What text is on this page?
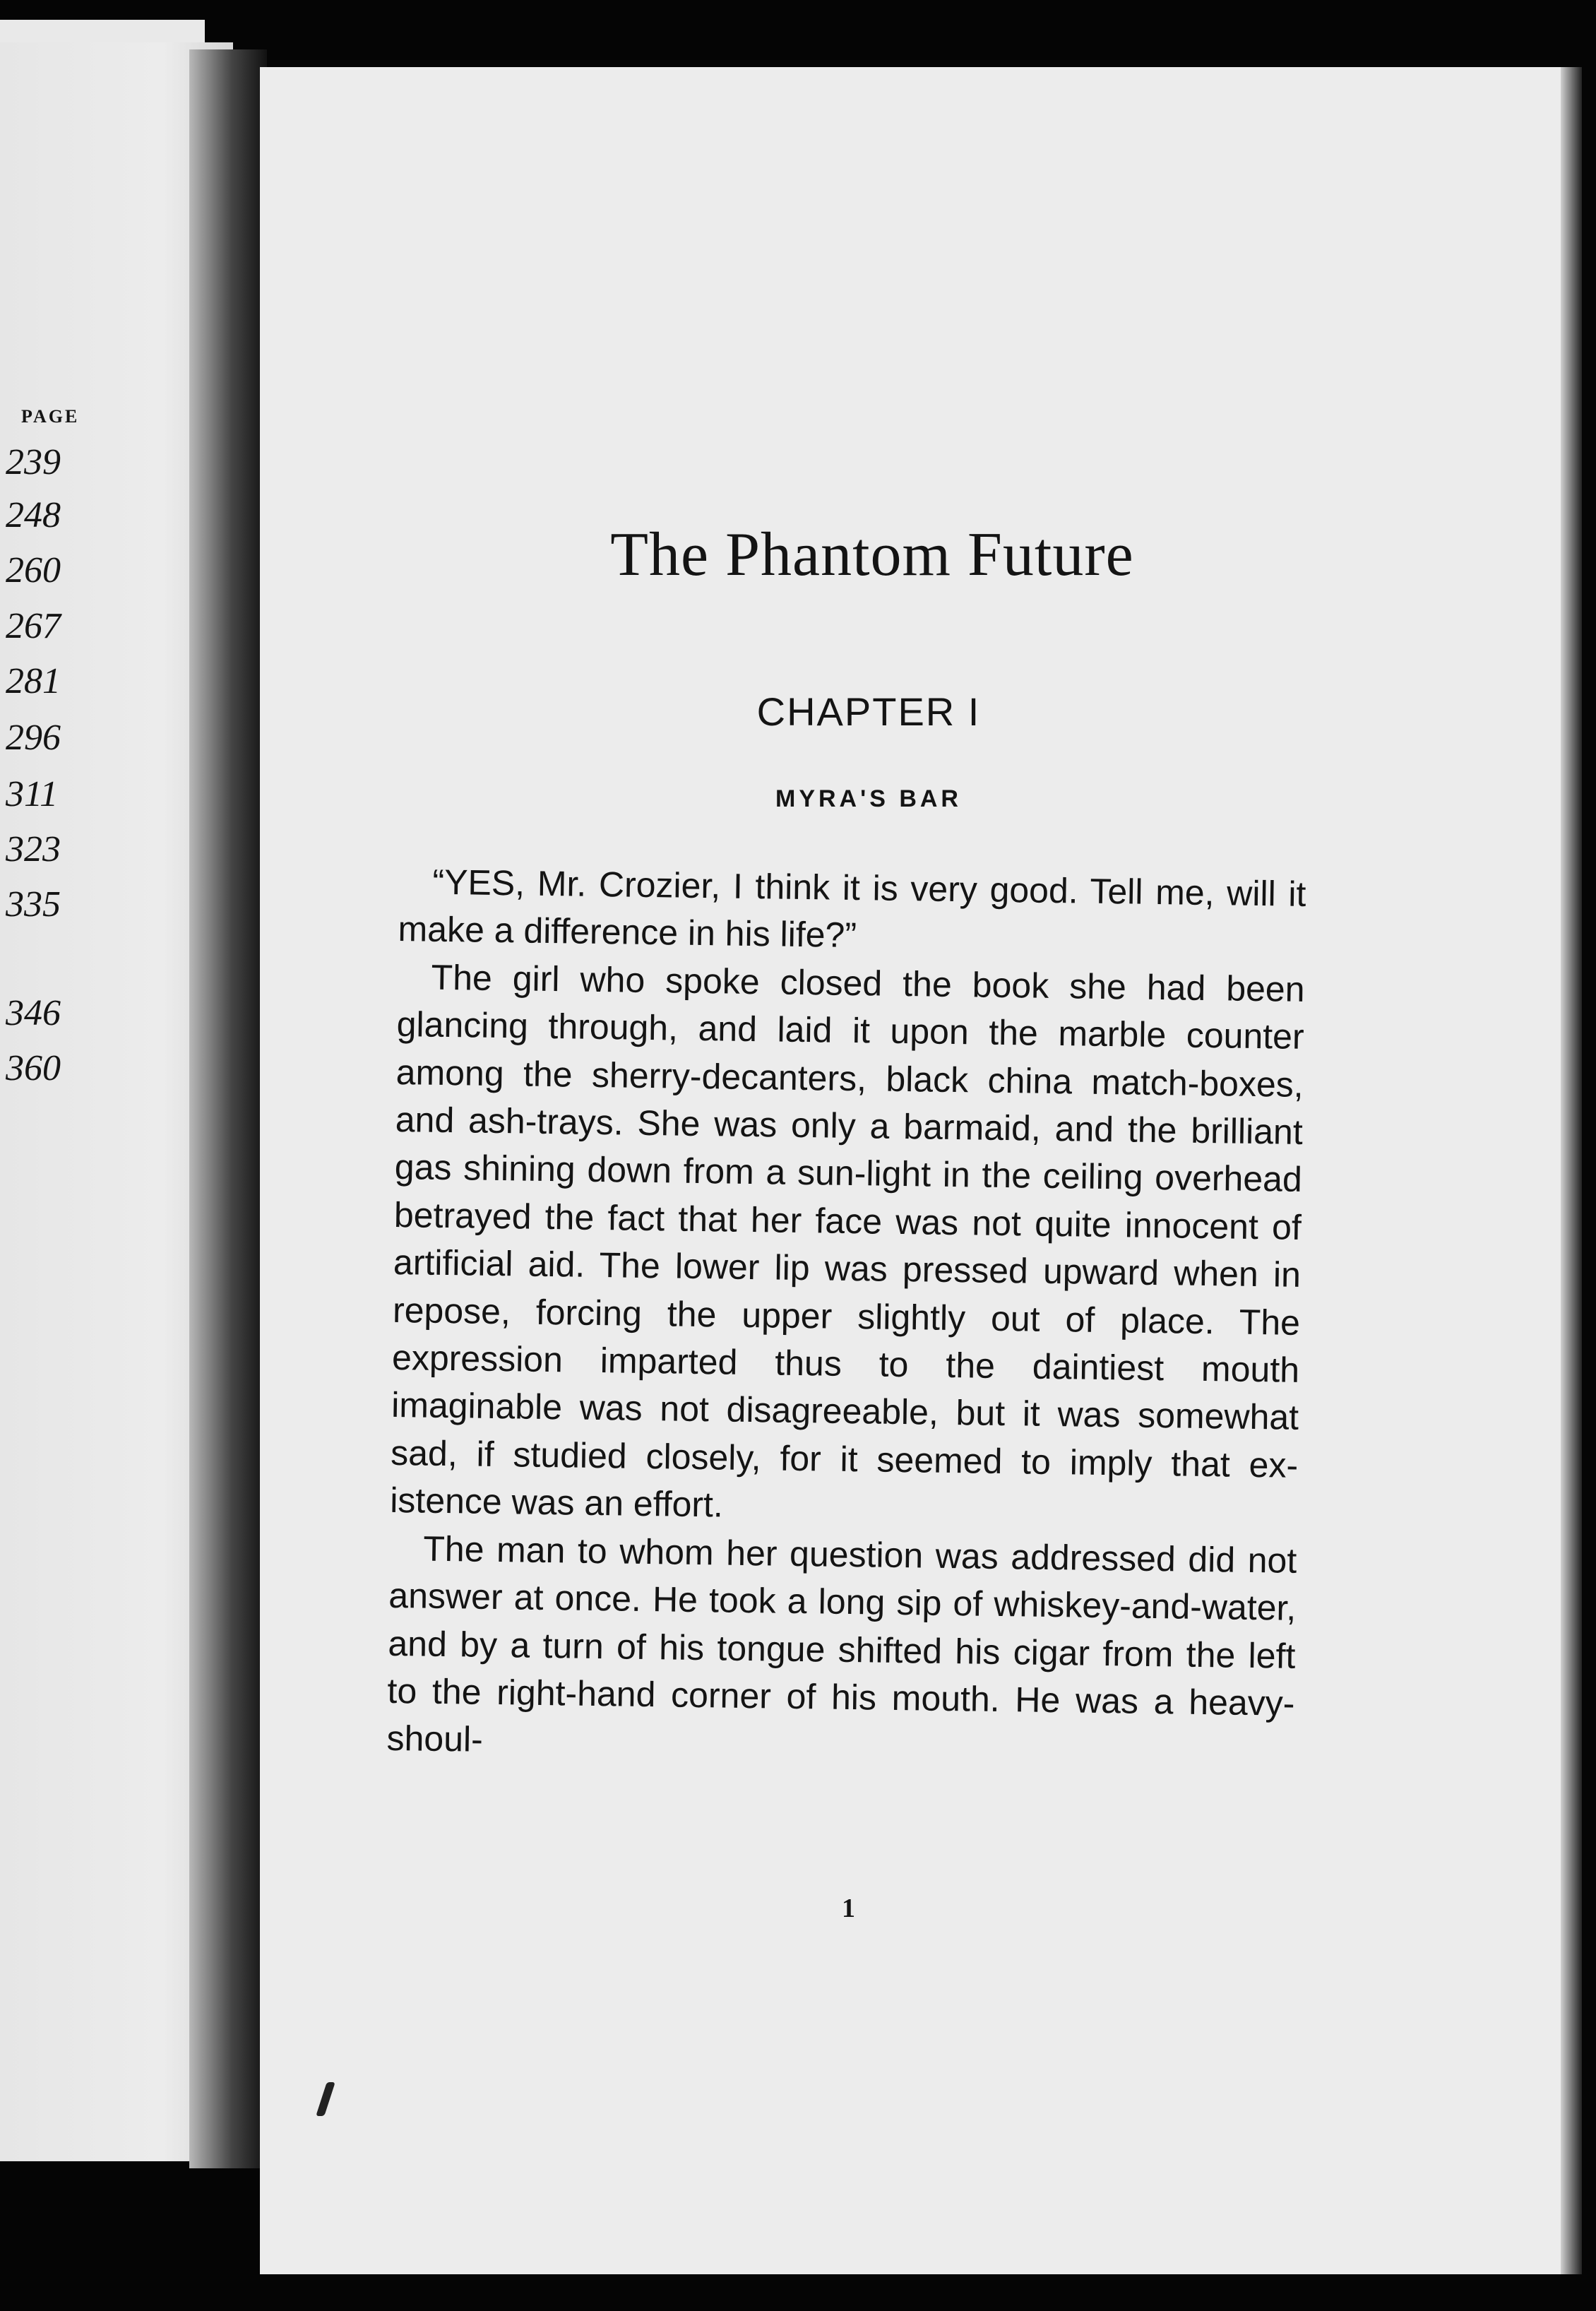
PAGE
239
248
260
267
281
296
311
323
335
346
360
The Phantom Future
CHAPTER I
MYRA'S BAR

“YES, Mr. Crozier, I think it is very good. Tell me, will it make a difference in his life?”

The girl who spoke closed the book she had been glancing through, and laid it upon the marble counter among the sherry-decanters, black china match-boxes, and ash-trays. She was only a barmaid, and the brilliant gas shining down from a sun-light in the ceiling overhead betrayed the fact that her face was not quite innocent of artificial aid. The lower lip was pressed upward when in repose, forcing the upper slightly out of place. The expression imparted thus to the daintiest mouth imaginable was not disagreeable, but it was somewhat sad, if studied closely, for it seemed to imply that existence was an effort.

The man to whom her question was addressed did not answer at once. He took a long sip of whiskey-and-water, and by a turn of his tongue shifted his cigar from the left to the right-hand corner of his mouth. He was a heavy-shoul-

1
